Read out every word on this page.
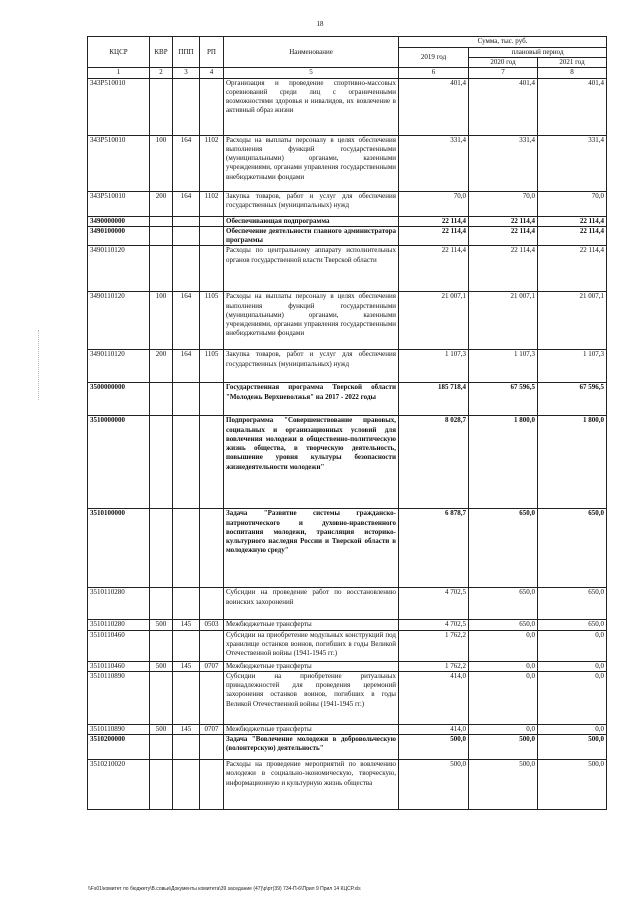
18
КЦСР	КВР	ППП	РП	Наименование	Сумма, тыс. руб.		
					2019 год	плановый период	
						2020 год	2021 год
1	2	3	4	5	6	7	8
343Р510010				Организация и проведение спортивно-массовых соревнований среди лиц с ограниченными возможностями здоровья и инвалидов, их вовлечение в активный образ жизни	401,4	401,4	401,4
343Р510010	100	164	1102	Расходы на выплаты персоналу в целях обеспечения выполнения функций государственными (муниципальными) органами, казенными учреждениями, органами управления государственными внебюджетными фондами	331,4	331,4	331,4
343Р510010	200	164	1102	Закупка товаров, работ и услуг для обеспечения государственных (муниципальных) нужд	70,0	70,0	70,0
3490000000				Обеспечивающая подпрограмма	22 114,4	22 114,4	22 114,4
3490100000				Обеспечение деятельности главного администратора программы	22 114,4	22 114,4	22 114,4
3490110120				Расходы по центральному аппарату исполнительных органов государственной власти Тверской области	22 114,4	22 114,4	22 114,4
3490110120	100	164	1105	Расходы на выплаты персоналу в целях обеспечения выполнения функций государственными (муниципальными) органами, казенными учреждениями, органами управления государственными внебюджетными фондами	21 007,1	21 007,1	21 007,1
3490110120	200	164	1105	Закупка товаров, работ и услуг для обеспечения государственных (муниципальных) нужд	1 107,3	1 107,3	1 107,3
3500000000				Государственная программа Тверской области "Молодежь Верхневолжья" на 2017 - 2022 годы	185 718,4	67 596,5	67 596,5
3510000000				Подпрограмма "Совершенствование правовых, социальных и организационных условий для вовлечения молодежи в общественно-политическую жизнь общества, в творческую деятельность, повышение уровня культуры безопасности жизнедеятельности молодежи"	8 028,7	1 800,0	1 800,0
3510100000				Задача "Развитие системы гражданско-патриотического и духовно-нравственного воспитания молодежи, трансляция историко-культурного наследия России и Тверской области в молодежную среду"	6 878,7	650,0	650,0
3510110280				Субсидии на проведение работ по восстановлению воинских захоронений	4 702,5	650,0	650,0
3510110280	500	145	0503	Межбюджетные трансферты	4 702,5	650,0	650,0
3510110460				Субсидии на приобретение модульных конструкций под хранилище останков воинов, погибших в годы Великой Отечественной войны (1941-1945 гг.)	1 762,2	0,0	0,0
3510110460	500	145	0707	Межбюджетные трансферты	1 762,2	0,0	0,0
3510110890				Субсидии на приобретение ритуальных принадлежностей для проведения церемоний захоронения останков воинов, погибших в годы Великой Отечественной войны (1941-1945 гг.)	414,0	0,0	0,0
3510110890	500	145	0707	Межбюджетные трансферты	414,0	0,0	0,0
3510200000				Задача "Вовлечение молодежи в добровольческую (волонтерскую) деятельность"	500,0	500,0	500,0
3510210020				Расходы на проведение мероприятий по вовлечению молодежи в социально-экономическую, творческую, информационную и культурную жизнь общества	500,0	500,0	500,0
\\Fs01\комитет по бюджету\В.совьи\Документы комитета\39 заседание (47)\р\рт(39) 734-П-6\Прил 9 Прил 14 КЦСР.xls
